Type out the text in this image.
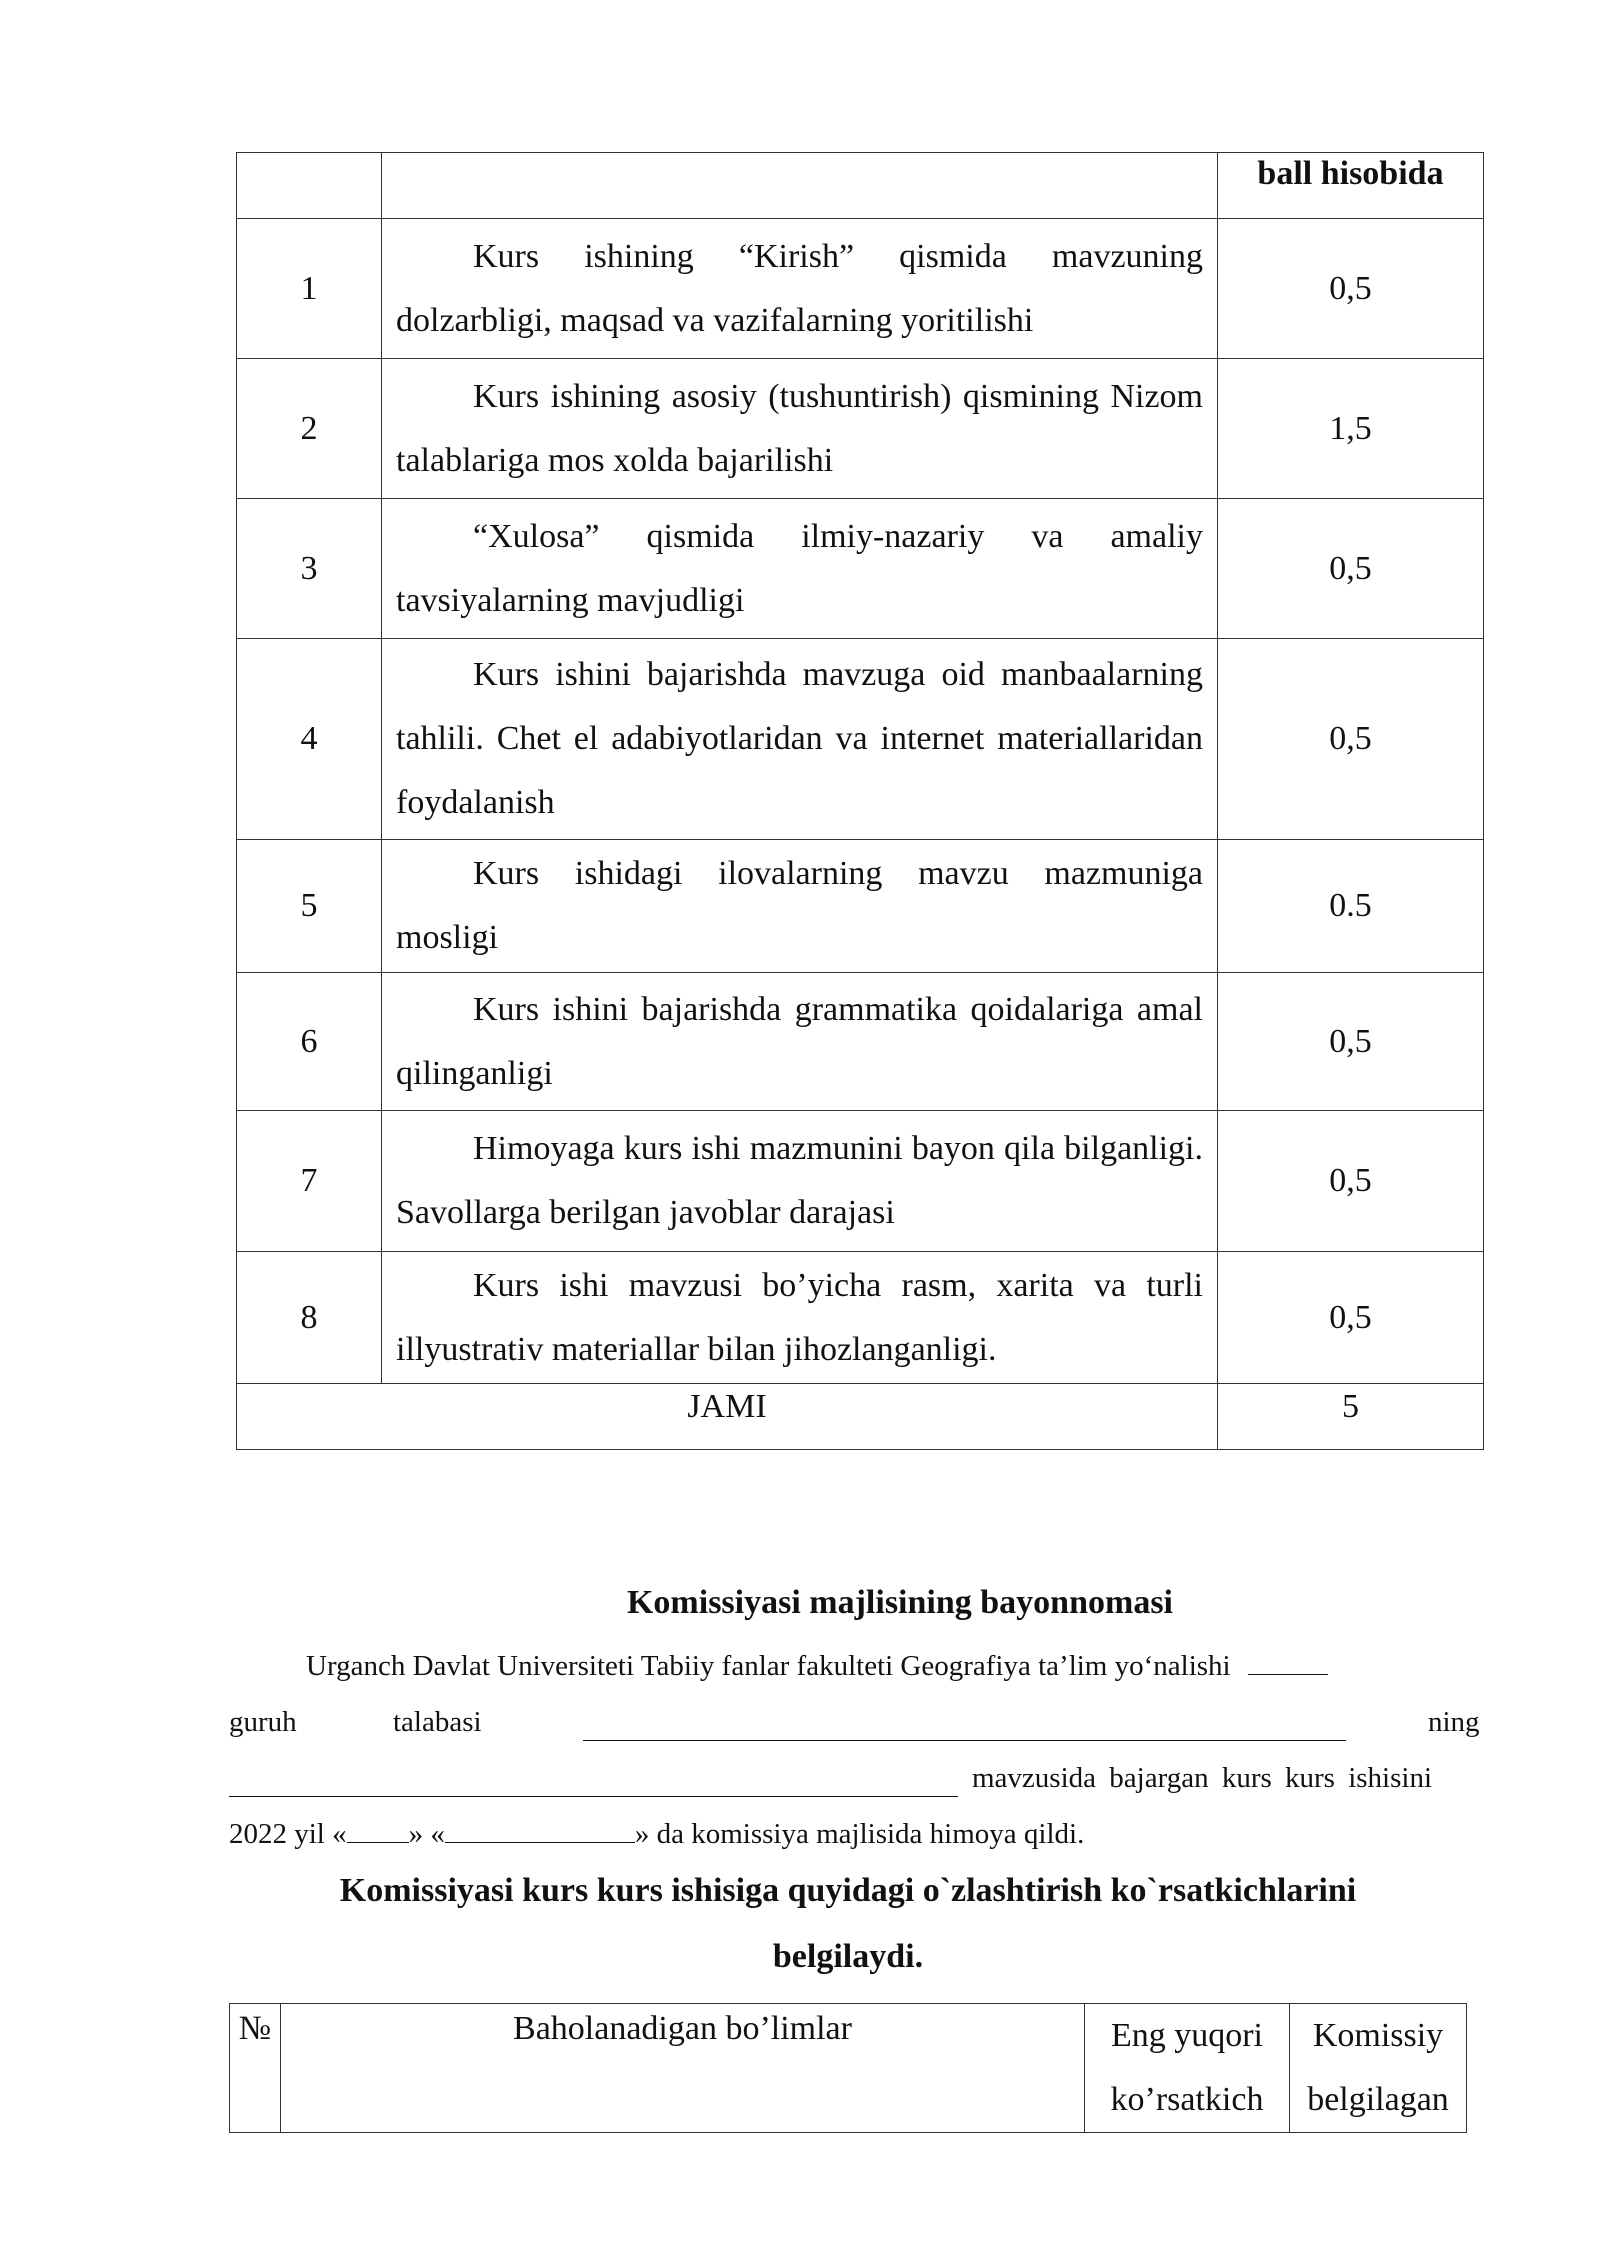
		ball hisobida
1	Kurs ishining “Kirish” qismida mavzuning dolzarbligi, maqsad va vazifalarning yoritilishi	0,5
2	Kurs ishining asosiy (tushuntirish) qismining Nizom talablariga mos xolda bajarilishi	1,5
3	“Xulosa” qismida ilmiy-nazariy va amaliy tavsiyalarning mavjudligi	0,5
4	Kurs ishini bajarishda mavzuga oid manbaalarning tahlili. Chet el adabiyotlaridan va internet materiallaridan foydalanish	0,5
5	Kurs ishidagi ilovalarning mavzu mazmuniga mosligi	0.5
6	Kurs ishini bajarishda grammatika qoidalariga amal qilinganligi	0,5
7	Himoyaga kurs ishi mazmunini bayon qila bilganligi. Savollarga berilgan javoblar darajasi	0,5
8	Kurs ishi mavzusi bo’yicha rasm, xarita va turli illyustrativ materiallar bilan jihozlanganligi.	0,5
JAMI		5
Komissiyasi majlisining bayonnomasi
Urganch Davlat Universiteti Tabiiy fanlar fakulteti Geografiya ta’lim yo‘nalishi
guruh	talabasi	ning
mavzusida bajargan kurs kurs ishisini
2022 yil « » «	» da komissiya majlisida himoya qildi.
Komissiyasi kurs kurs ishisiga quyidagi o`zlashtirish ko`rsatkichlarini
belgilaydi.
№	Baholanadigan bo’limlar	Eng yuqori ko’rsatkich	Komissiy belgilagan
